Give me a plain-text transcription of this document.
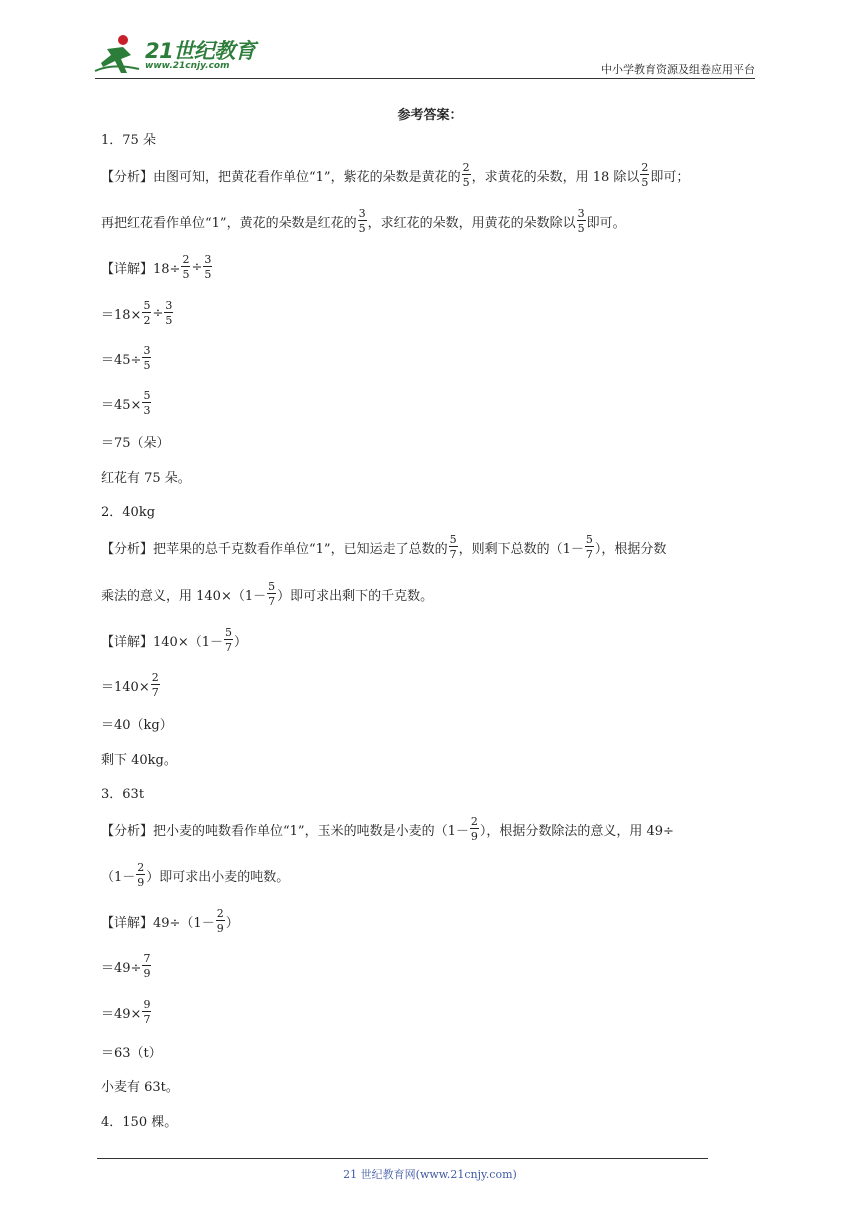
21世纪教育
www.21cnjy.com	中小学教育资源及组卷应用平台
参考答案：
1．75 朵
【分析】由图可知，把黄花看作单位“1”，紫花的朵数是黄花的 $\frac{2}{5}$ ，求黄花的朵数，用 18 除以 $\frac{2}{5}$ 即可；
再把红花看作单位“1”，黄花的朵数是红花的 $\frac{3}{5}$ ，求红花的朵数，用黄花的朵数除以 $\frac{3}{5}$ 即可。
【详解】$18\div \frac{2}{5} \div \frac{3}{5}$
$=18\times \frac{5}{2} \div \frac{3}{5}$
$=45\div \frac{3}{5}$
$=45\times \frac{5}{3}$
＝75（朵）
红花有 75 朵。
2．40kg
【分析】把苹果的总千克数看作单位“1”，已知运走了总数的 $\frac{5}{7}$ ，则剩下总数的（$1- \frac{5}{7}$ ），根据分数
乘法的意义，用 $140\times(1- \frac{5}{7}$ ）即可求出剩下的千克数。
【详解】$140\times(1- \frac{5}{7}$ ）
$=140\times \frac{2}{7}$
＝40（kg）
剩下 40kg。
3．63t
【分析】把小麦的吨数看作单位“1”，玉米的吨数是小麦的（$1- \frac{2}{9}$ ），根据分数除法的意义，用 49÷
（$1- \frac{2}{9}$ ）即可求出小麦的吨数。
【详解】$49\div(1- \frac{2}{9}$ ）
$=49\div \frac{7}{9}$
$=49\times \frac{9}{7}$
＝63（t）
小麦有 63t。
4．150 棵。
21 世纪教育网(www.21cnjy.com)
